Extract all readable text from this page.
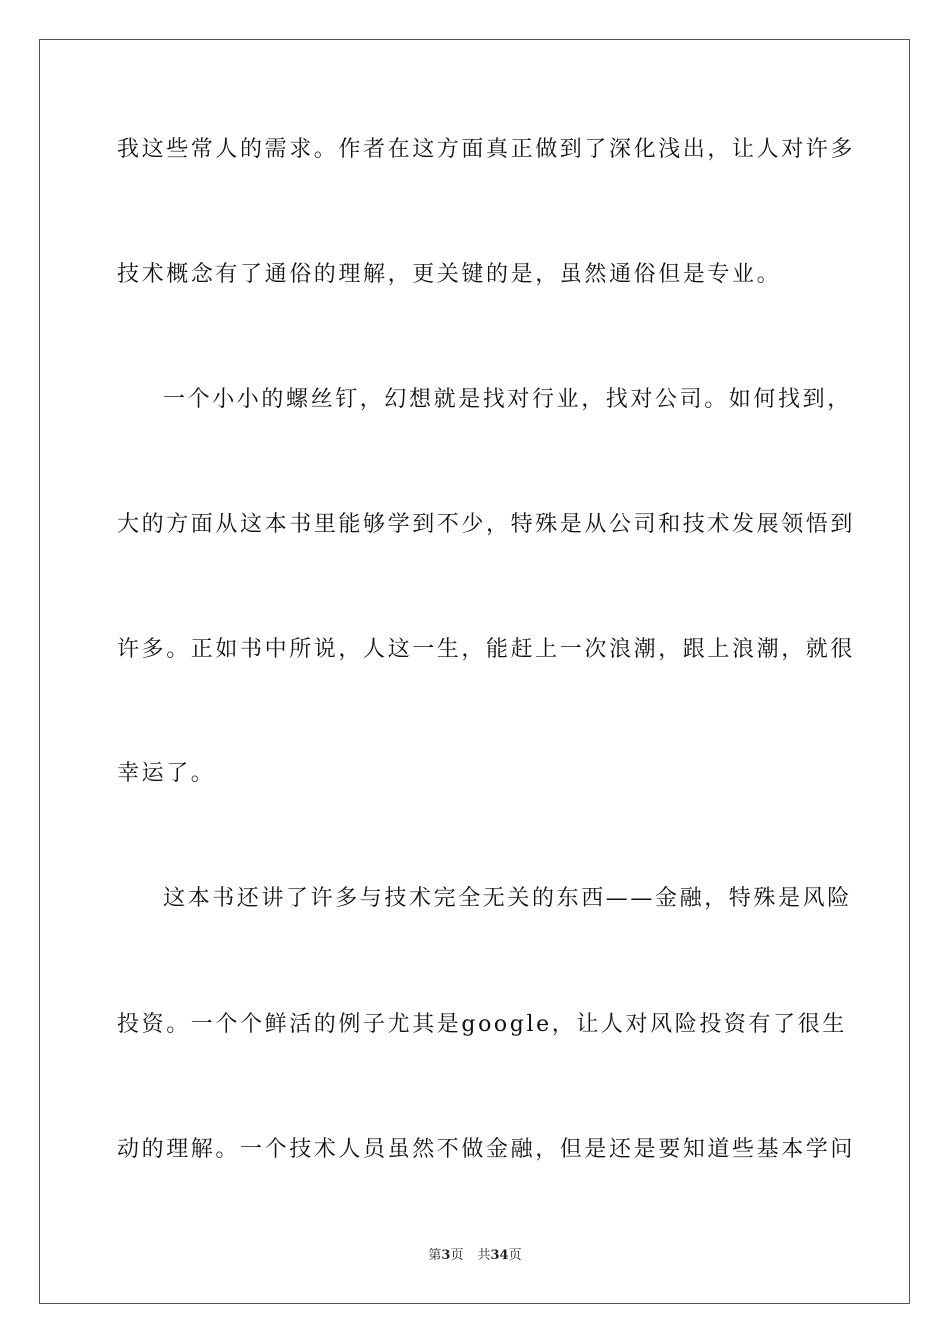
我这些常人的需求。作者在这方面真正做到了深化浅出，让人对许多
技术概念有了通俗的理解，更关键的是，虽然通俗但是专业。
一个小小的螺丝钉，幻想就是找对行业，找对公司。如何找到，
大的方面从这本书里能够学到不少，特殊是从公司和技术发展领悟到
许多。正如书中所说，人这一生，能赶上一次浪潮，跟上浪潮，就很
幸运了。
这本书还讲了许多与技术完全无关的东西——金融，特殊是风险
投资。一个个鲜活的例子尤其是google，让人对风险投资有了很生
动的理解。一个技术人员虽然不做金融，但是还是要知道些基本学问
第3页 共34页
